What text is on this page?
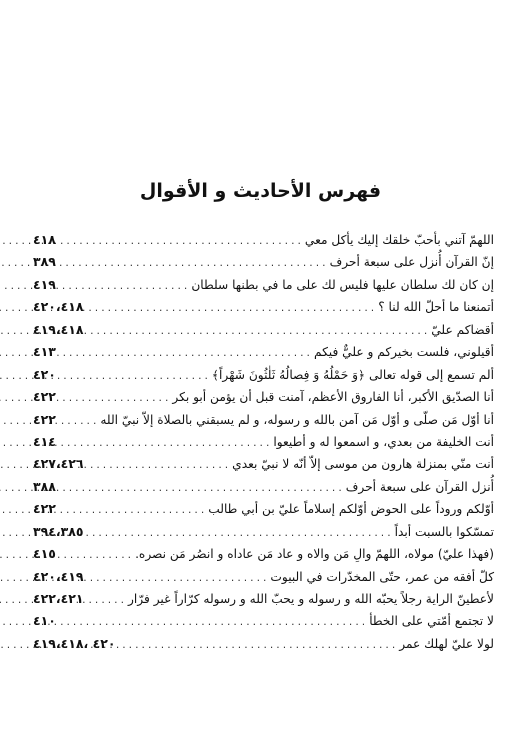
فهرس الأحاديث و الأقوال
اللهمّ آتني بأحبّ خلقك إليك يأكل معي
.....
٤١٨
إنّ القرآن أُنزل على سبعة أحرف
.....
٣٨٩
إن كان لك سلطان عليها فليس لك على ما في بطنها سلطان
.....
٤١٩
أتمنعنا ما أحلّ الله لنا ؟
.....
٤٢٠،٤١٨
أقضاكم عليّ
.....
٤١٩،٤١٨
أقيلوني، فلست بخيركم و عليٌّ فيكم
.....
٤١٣
ألم تسمع إلى قوله تعالى ﴿وَ حَمْلُهُ وَ فِصالُهُ ثَلٰثُونَ شَهْراً﴾
.....
٤٢٠
أنا الصدّيق الأكبر، أنا الفاروق الأعظم، آمنت قبل أن يؤمن أبو بكر
.....
٤٢٢
أنا أوّل مَن صلّى و أوّل مَن آمن بالله و رسوله، و لم يسبقني بالصلاة إلاّ نبيّ الله
.....
٤٢٢
أنت الخليفة من بعدي، و اسمعوا له و أطيعوا
.....
٤١٤
أنت منّي بمنزلة هارون من موسى إلاّ أنّه لا نبيّ بعدي
.....
٤٢٧،٤٢٦
أُنزل القرآن على سبعة أحرف
.....
٣٨٨
أوّلكم وروداً على الحوض أوّلكم إسلاماً عليّ بن أبي طالب
.....
٤٢٢
تمسّكوا بالسبت أبداً
.....
٣٩٤،٣٨٥
(فهذا عليّ) مولاه، اللهمّ والِ مَن والاه و عاد مَن عاداه و انصُر مَن نصره.
.....
٤١٥
كلّ أفقه من عمر، حتّى المخدّرات في البيوت
.....
٤٢٠،٤١٩
لأعطينّ الراية رجلاً يحبّه الله و رسوله و يحبّ الله و رسوله كرّاراً غير فرّار
.....
٤٢٢،٤٢١
لا تجتمع أمّتي على الخطأ
.....
٤١٠
لولا عليّ لهلك عمر
.....
٤٢٠ ،٤١٩،٤١٨
